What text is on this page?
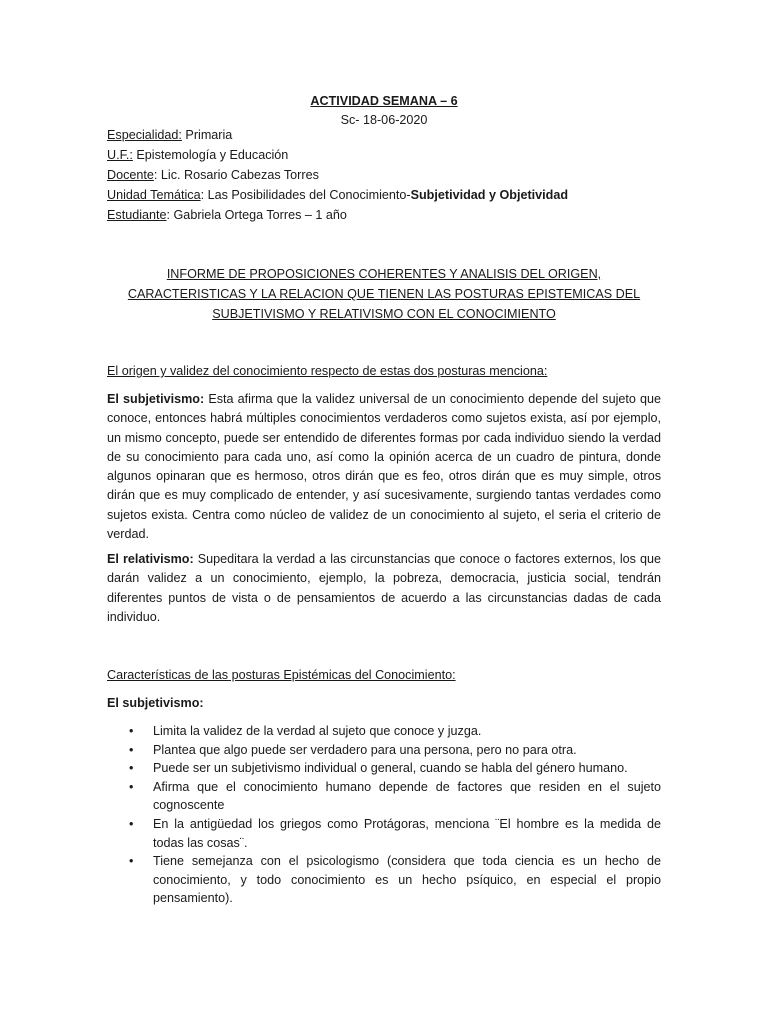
ACTIVIDAD SEMANA – 6
Sc- 18-06-2020
Especialidad: Primaria
U.F.: Epistemología y Educación
Docente: Lic. Rosario Cabezas Torres
Unidad Temática: Las Posibilidades del Conocimiento-Subjetividad y Objetividad
Estudiante: Gabriela Ortega Torres – 1 año
INFORME DE PROPOSICIONES COHERENTES Y ANALISIS DEL ORIGEN, CARACTERISTICAS Y LA RELACION QUE TIENEN LAS POSTURAS EPISTEMICAS DEL SUBJETIVISMO Y RELATIVISMO CON EL CONOCIMIENTO
El origen y validez del conocimiento respecto de estas dos posturas menciona:
El subjetivismo: Esta afirma que la validez universal de un conocimiento depende del sujeto que conoce, entonces habrá múltiples conocimientos verdaderos como sujetos exista, así por ejemplo, un mismo concepto, puede ser entendido de diferentes formas por cada individuo siendo la verdad de su conocimiento para cada uno, así como la opinión acerca de un cuadro de pintura, donde algunos opinaran que es hermoso, otros dirán que es feo, otros dirán que es muy simple, otros dirán que es muy complicado de entender, y así sucesivamente, surgiendo tantas verdades como sujetos exista. Centra como núcleo de validez de un conocimiento al sujeto, el seria el criterio de verdad.
El relativismo: Supeditara la verdad a las circunstancias que conoce o factores externos, los que darán validez a un conocimiento, ejemplo, la pobreza, democracia, justicia social, tendrán diferentes puntos de vista o de pensamientos de acuerdo a las circunstancias dadas de cada individuo.
Características de las posturas Epistémicas del Conocimiento:
El subjetivismo:
• Limita la validez de la verdad al sujeto que conoce y juzga.
• Plantea que algo puede ser verdadero para una persona, pero no para otra.
• Puede ser un subjetivismo individual o general, cuando se habla del género humano.
• Afirma que el conocimiento humano depende de factores que residen en el sujeto cognoscente
• En la antigüedad los griegos como Protágoras, menciona ¨El hombre es la medida de todas las cosas¨.
• Tiene semejanza con el psicologismo (considera que toda ciencia es un hecho de conocimiento, y todo conocimiento es un hecho psíquico, en especial el propio pensamiento).
